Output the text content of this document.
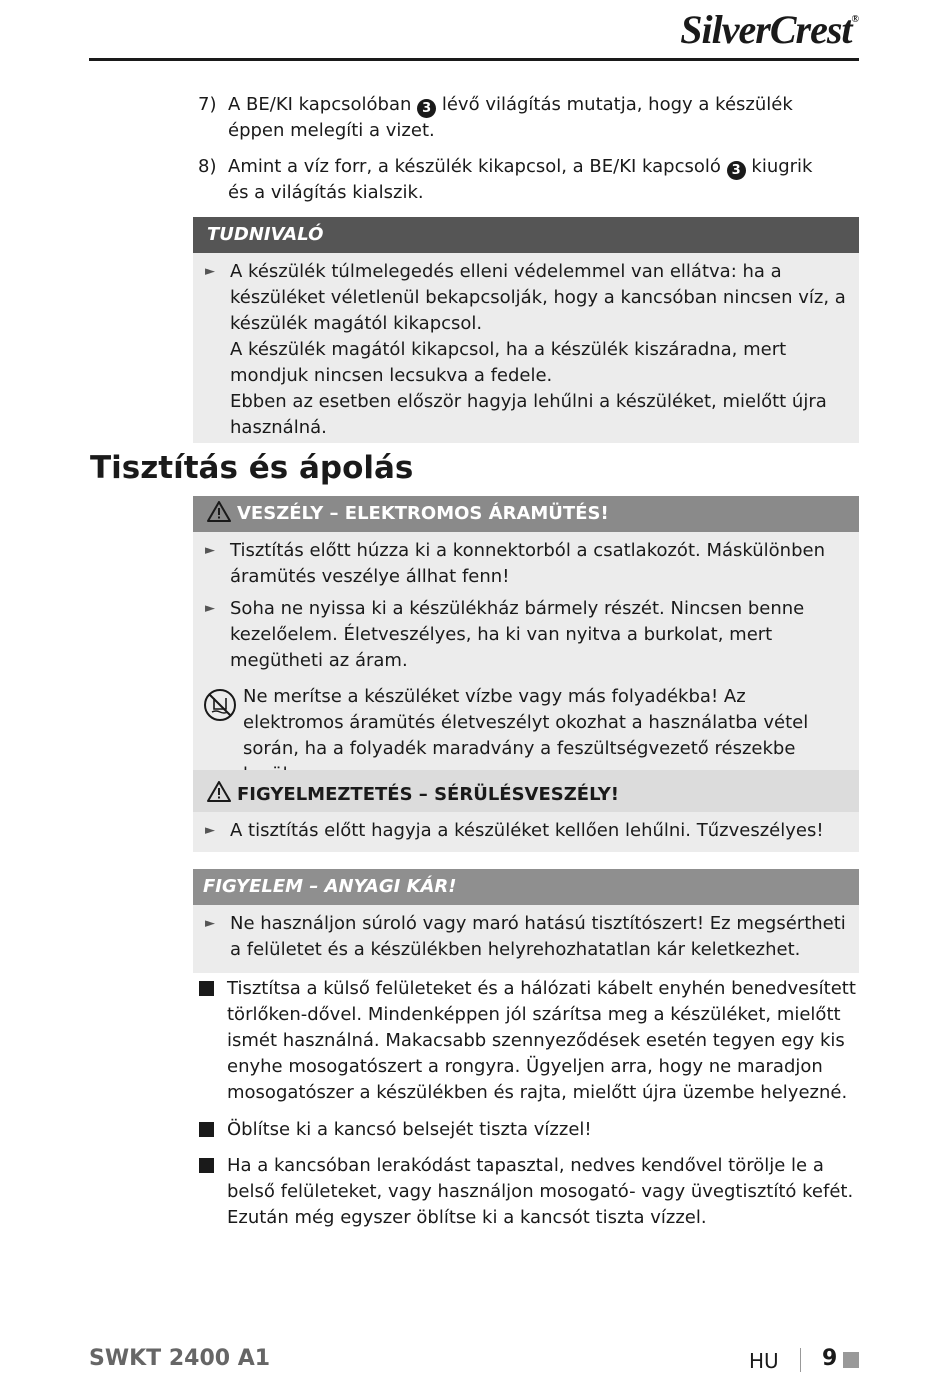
SilverCrest®
7) A BE/KI kapcsolóban 3 lévő világítás mutatja, hogy a készülék éppen melegíti a vizet.
8) Amint a víz forr, a készülék kikapcsol, a BE/KI kapcsoló 3 kiugrik és a világítás kialszik.
TUDNIVALÓ
► A készülék túlmelegedés elleni védelemmel van ellátva: ha a készüléket véletlenül bekapcsolják, hogy a kancsóban nincsen víz, a készülék magától kikapcsol.
A készülék magától kikapcsol, ha a készülék kiszáradna, mert mondjuk nincsen lecsukva a fedele.
Ebben az esetben először hagyja lehűlni a készüléket, mielőtt újra használná.
Tisztítás és ápolás
VESZÉLY – ELEKTROMOS ÁRAMÜTÉS!
► Tisztítás előtt húzza ki a konnektorból a csatlakozót. Máskülönben áramütés veszélye állhat fenn!
► Soha ne nyissa ki a készülékház bármely részét. Nincsen benne kezelőelem. Életveszélyes, ha ki van nyitva a burkolat, mert megütheti az áram.
Ne merítse a készüléket vízbe vagy más folyadékba! Az elektromos áramütés életveszélyt okozhat a használatba vétel során, ha a folyadék maradvány a feszültségvezető részekbe
FIGYELMEZTETÉS – SÉRÜLÉSVESZÉLY!
► A tisztítás előtt hagyja a készüléket kellően lehűlni. Tűzveszélyes!
FIGYELEM – ANYAGI KÁR!
► Ne használjon súroló vagy maró hatású tisztítószert! Ez megsértheti a felületet és a készülékben helyrehozhatatlan kár keletkezhet.
Tisztítsa a külső felületeket és a hálózati kábelt enyhén benedvesített törlőken-dővel. Mindenképpen jól szárítsa meg a készüléket, mielőtt ismét használná. Makacsabb szennyeződések esetén tegyen egy kis enyhe mosogatószert a rongyra. Ügyeljen arra, hogy ne maradjon mosogatószer a készülékben és rajta, mielőtt újra üzembe helyezné.
Öblítse ki a kancsó belsejét tiszta vízzel!
Ha a kancsóban lerakódást tapasztal, nedves kendővel törölje le a belső felületeket, vagy használjon mosogató- vagy üvegtisztító kefét. Ezután még egyszer öblítse ki a kancsót tiszta vízzel.
SWKT 2400 A1	HU 9
